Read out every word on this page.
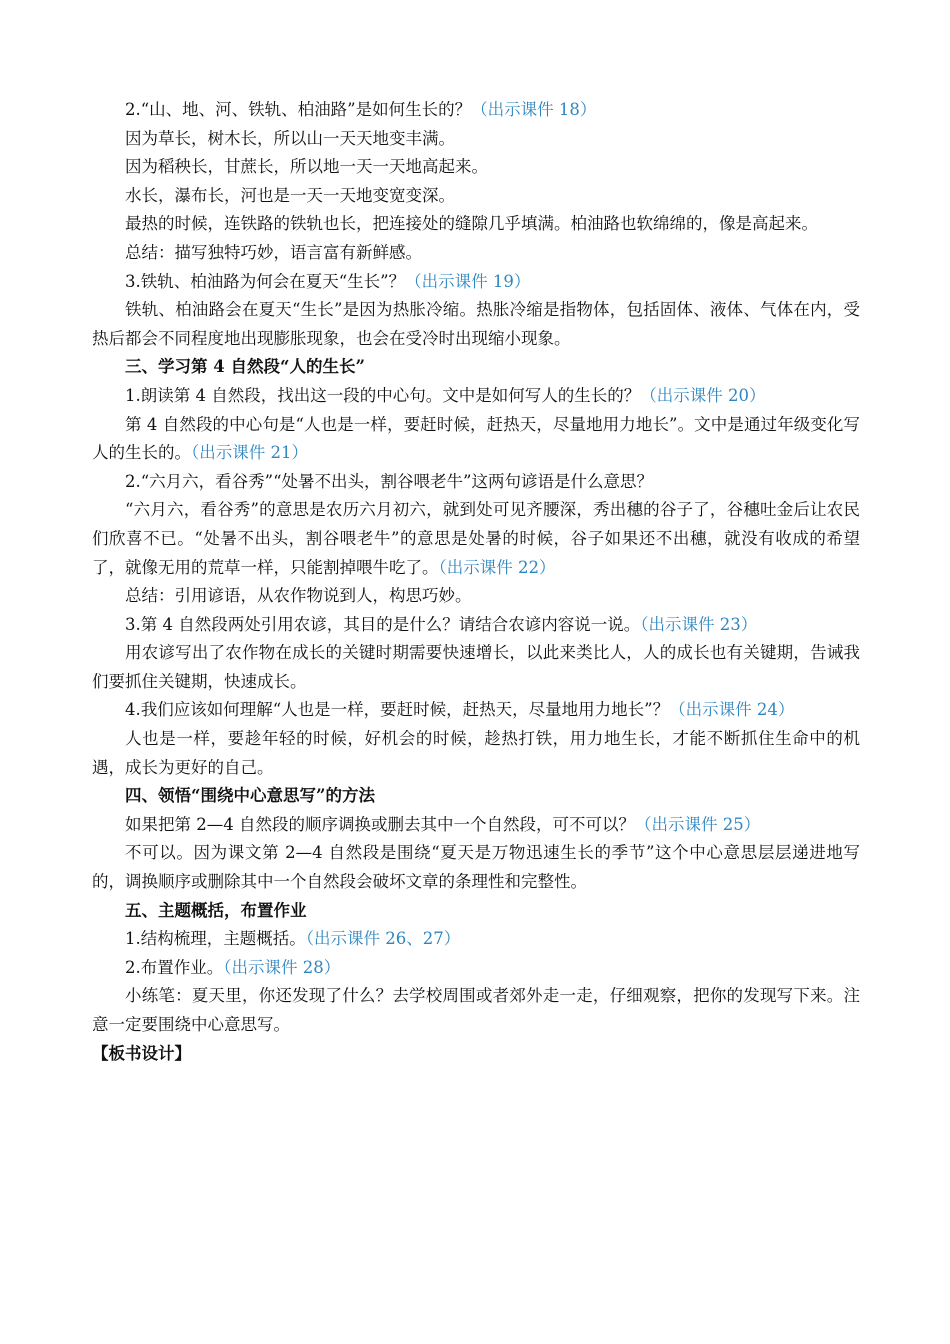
2.“山、地、河、铁轨、柏油路”是如何生长的？（出示课件 18）
因为草长，树木长，所以山一天天地变丰满。
因为稻秧长，甘蔗长，所以地一天一天地高起来。
水长，瀑布长，河也是一天一天地变宽变深。
最热的时候，连铁路的铁轨也长，把连接处的缝隙几乎填满。柏油路也软绵绵的，像是高起来。
总结：描写独特巧妙，语言富有新鲜感。
3.铁轨、柏油路为何会在夏天“生长”？（出示课件 19）
铁轨、柏油路会在夏天“生长”是因为热胀冷缩。热胀冷缩是指物体，包括固体、液体、气体在内，受热后都会不同程度地出现膨胀现象，也会在受冷时出现缩小现象。
三、学习第 4 自然段“人的生长”
1.朗读第 4 自然段，找出这一段的中心句。文中是如何写人的生长的？（出示课件 20）
第 4 自然段的中心句是“人也是一样，要赶时候，赶热天，尽量地用力地长”。文中是通过年级变化写人的生长的。（出示课件 21）
2.“六月六，看谷秀”“处暑不出头，割谷喂老牛”这两句谚语是什么意思？
“六月六，看谷秀”的意思是农历六月初六，就到处可见齐腰深，秀出穗的谷子了，谷穗吐金后让农民们欣喜不已。“处暑不出头，割谷喂老牛”的意思是处暑的时候，谷子如果还不出穗，就没有收成的希望了，就像无用的荒草一样，只能割掉喂牛吃了。（出示课件 22）
总结：引用谚语，从农作物说到人，构思巧妙。
3.第 4 自然段两处引用农谚，其目的是什么？请结合农谚内容说一说。（出示课件 23）
用农谚写出了农作物在成长的关键时期需要快速增长，以此来类比人，人的成长也有关键期，告诫我们要抓住关键期，快速成长。
4.我们应该如何理解“人也是一样，要赶时候，赶热天，尽量地用力地长”？（出示课件 24）
人也是一样，要趁年轻的时候，好机会的时候，趁热打铁，用力地生长，才能不断抓住生命中的机遇，成长为更好的自己。
四、领悟“围绕中心意思写”的方法
如果把第 2—4 自然段的顺序调换或删去其中一个自然段，可不可以？（出示课件 25）
不可以。因为课文第 2—4 自然段是围绕“夏天是万物迅速生长的季节”这个中心意思层层递进地写的，调换顺序或删除其中一个自然段会破坏文章的条理性和完整性。
五、主题概括，布置作业
1.结构梳理，主题概括。（出示课件 26、27）
2.布置作业。（出示课件 28）
小练笔：夏天里，你还发现了什么？去学校周围或者郊外走一走，仔细观察，把你的发现写下来。注意一定要围绕中心意思写。
【板书设计】
